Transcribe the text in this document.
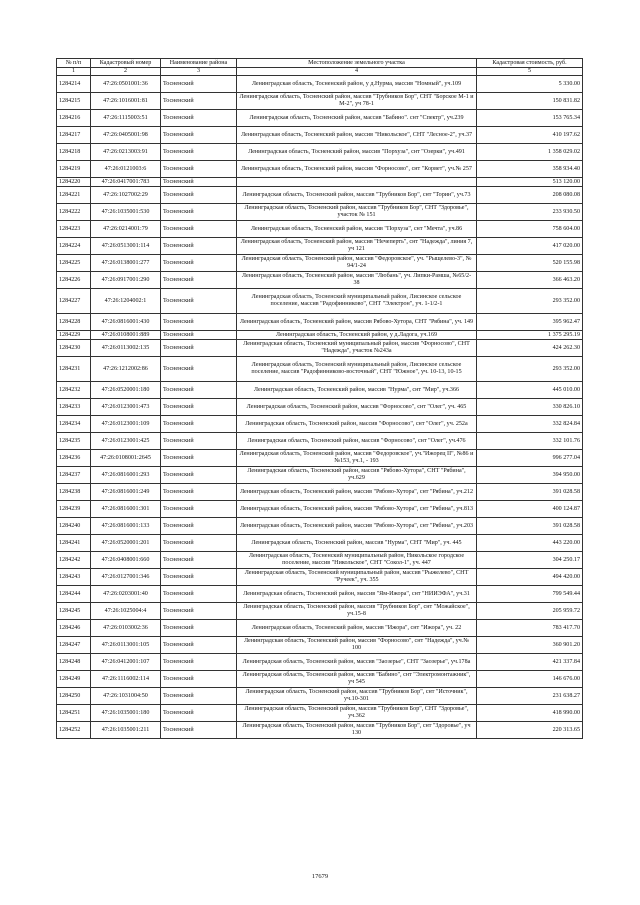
№ п/п	Кадастровый номер	Наименование района	Местоположение земельного участка	Кадастровая стоимость, руб.
1	2	3	4	5
1284214	47:26:0501001:36	Тосненский	Ленинградская область, Тосненский район, у д.Нурма, массив "Номный", уч.109	5 330.00
1284215	47:26:1016001:81	Тосненский	Ленинградская область, Тосненский район, массив "Трубников Бор", СНТ "Борское М-1 и М-2", уч 78-1	150 831.82
1284216	47:26:1115003:51	Тосненский	Ленинградская область, Тосненский район, массив "Бабино". снт "Спектр", уч.239	153 765.34
1284217	47:26:0405001:98	Тосненский	Ленинградская область, Тосненский район, массив "Никольское", СНТ "Лесное-2", уч.37	410 197.62
1284218	47:26:0213003:91	Тосненский	Ленинградская область, Тосненский район, массив "Порхуза", снт "Озерки", уч.491	1 358 029.02
1284219	47:26:0121003:6	Тосненский	Ленинградская область, Тосненский район, массив "Форносово", снт "Корвет", уч.№ 257	358 934.40
1284220	47:26:0417001:783	Тосненский		513 120.00
1284221	47:26:1027002:29	Тосненский	Ленинградская область, Тосненский район, массив "Трубников Бор", снт "Торин", уч.73	208 080.08
1284222	47:26:1035001:530	Тосненский	Ленинградская область, Тосненский район, массив "Трубников Бор", СНТ "Здоровье", участок № 151	233 930.50
1284223	47:26:0214001:79	Тосненский	Ленинградская область, Тосненский район, массив "Порхуза", снт "Мечта", уч.86	758 604.00
1284224	47:26:0513001:114	Тосненский	Ленинградская область, Тосненский район, массив "Нечеперть", снт "Надежда", линия 7, уч 121	417 020.00
1284225	47:26:0138001:277	Тосненский	Ленинградская область, Тосненский район, массив "Федоровское", уч. "Рыщелево-3", № 94/1-24	520 155.98
1284226	47:26:0917001:290	Тосненский	Ленинградская область, Тосненский район, массив "Любань", уч. Липки-Рамша, №65/2-38	366 463.20
1284227	47:26:1204002:1	Тосненский	Ленинградская область, Тосненский муниципальный район, Лисинское сельское поселение, массив "Радофинниково", СНТ "Электрон", уч. 1-1/2-1	293 352.00
1284228	47:26:0816001:430	Тосненский	Ленинградская область, Тосненский район, массив Рябово-Хутора, СНТ "Рябина", уч. 149	395 962.47
1284229	47:26:0108001:889	Тосненский	Ленинградская область, Тосненский район, у д.Ладога, уч.169	1 375 295.19
1284230	47:26:0113002:135	Тосненский	Ленинградская область, Тосненский муниципальный район, массив "Форносово", СНТ "Надежда", участок №243а	424 262.30
1284231	47:26:1212002:86	Тосненский	Ленинградская область, Тосненский муниципальный район, Лисинское сельское поселение, массив "Радофинниково-восточный", СНТ "Южное", уч. 10-13, 10-15	293 352.00
1284232	47:26:0520001:180	Тосненский	Ленинградская область, Тосненский район, массив "Нурма", снт "Мир", уч.366	445 010.00
1284233	47:26:0123001:473	Тосненский	Ленинградская область, Тосненский район, массив "Форносово", снт "Олег", уч. 465	330 826.10
1284234	47:26:0123001:109	Тосненский	Ленинградская область, Тосненский район, массив "Форносово", снт "Олег", уч. 252а	332 824.84
1284235	47:26:0123001:425	Тосненский	Ленинградская область, Тосненский район, массив "Форносово", снт "Олег", уч.476	332 101.76
1284236	47:26:0108001:2645	Тосненский	Ленинградская область, Тосненский район, массив "Федоровское", уч."Ижорец II", №86 и №153, уч.1, - 193	996 277.04
1284237	47:26:0816001:293	Тосненский	Ленинградская область, Тосненский район, массив "Рябово-Хутора", СНТ "Рябина", уч.629	394 950.00
1284238	47:26:0816001:249	Тосненский	Ленинградская область, Тосненский район, массив "Рябово-Хутора", снт "Рябина", уч.212	391 028.58
1284239	47:26:0816001:301	Тосненский	Ленинградская область, Тосненский район, массив "Рябово-Хутора", снт "Рябина", уч.813	400 124.87
1284240	47:26:0816001:133	Тосненский	Ленинградская область, Тосненский район, массив "Рябово-Хутора", снт "Рябина", уч.203	391 028.58
1284241	47:26:0520001:201	Тосненский	Ленинградская область, Тосненский район, массив "Нурма", СНТ "Мир", уч. 445	443 220.00
1284242	47:26:0408001:660	Тосненский	Ленинградская область, Тосненский муниципальный район, Никольское городское поселение, массив "Никольское", СНТ "Сокол-1", уч. 447	304 250.17
1284243	47:26:0127001:346	Тосненский	Ленинградская область, Тосненский муниципальный район, массив "Рыжелево", СНТ "Ручеек", уч. 355	494 420.00
1284244	47:26:0203001:40	Тосненский	Ленинградская область, Тосненский район, массив "Ям-Ижора", снт "НИИЭФА", уч.31	799 549.44
1284245	47:26:1025004:4	Тосненский	Ленинградская область, Тосненский район, массив "Трубников Бор", снт "Можайское", уч.15-8	205 959.72
1284246	47:26:0103002:36	Тосненский	Ленинградская область, Тосненский район, массив "Ижора", снт "Ижора", уч. 22	783 417.70
1284247	47:26:0113001:105	Тосненский	Ленинградская область, Тосненский район, массив "Форносово", снт "Надежда", уч.№ 100	360 901.20
1284248	47:26:0412001:107	Тосненский	Ленинградская область, Тосненский район, массив "Заозерье", СНТ "Заозерье", уч.178а	421 337.84
1284249	47:26:1116002:114	Тосненский	Ленинградская область, Тосненский район, массив "Бабино", снт "Электромонтажник", уч 545	146 676.00
1284250	47:26:1031004:50	Тосненский	Ленинградская область, Тосненский район, массив "Трубников Бор", снт "Источник", уч.10-301	231 638.27
1284251	47:26:1035001:180	Тосненский	Ленинградская область, Тосненский район, массив "Трубников Бор", СНТ "Здоровье", уч.362	418 990.00
1284252	47:26:1035001:211	Тосненский	Ленинградская область, Тосненский район, массив "Трубников Бор", снт "Здоровье", уч 130	220 313.65
17679
